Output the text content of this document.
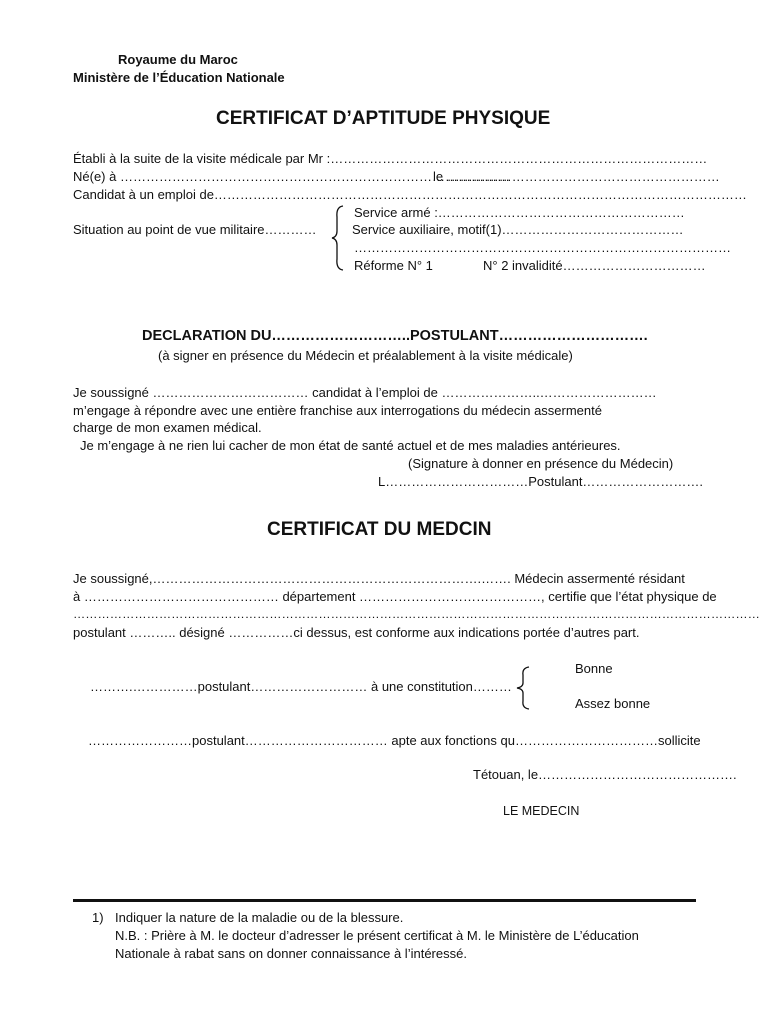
Royaume du Maroc
Ministère de l’Éducation Nationale
CERTIFICAT D’APTITUDE PHYSIQUE
Établi à la suite de la visite médicale par Mr :……………………………………………………………………………
Né(e) à ………………………………………………………………………………
le ………………………………………………………
Candidat à un emploi de……………………………………………………………………………………………………………
Situation au point de vue militaire…………
Service armé :…………………………………………………
Service auxiliaire, motif(1)……………………………………
……………………………………………………………………………
Réforme N° 1	N° 2 invalidité……………………………
DECLARATION DU………………………..POSTULANT………………………….
(à signer en présence du Médecin et préalablement à la visite médicale)
Je soussigné ……………………………… candidat à l’emploi de …………………..………………………
m’engage à répondre avec une entière franchise aux interrogations du médecin assermenté
charge de mon examen médical.
Je m’engage à ne rien lui cacher de mon état de santé actuel et de mes maladies antérieures.
(Signature à donner en présence du Médecin)
L……………………………Postulant……………………….
CERTIFICAT DU MEDCIN
Je soussigné,………………………………………………………………….……. Médecin assermenté résidant
à ……………………………………… département ……………………………………, certifie que l’état physique de
……………………………………………………………………………………………………………………………………………………
postulant ……….. désigné ……………ci dessus, est conforme aux indications portée d’autres part.
……….……………postulant……………………… à une constitution………
Bonne
Assez bonne
……………………postulant…………………………… apte aux fonctions qu……………………………sollicite
Tétouan, le……………………………………….
LE MEDECIN
1) Indiquer la nature de la maladie ou de la blessure.
N.B. : Prière à M. le docteur d’adresser le présent certificat à M. le Ministère de L’éducation
Nationale à rabat sans on donner connaissance à l’intéressé.
